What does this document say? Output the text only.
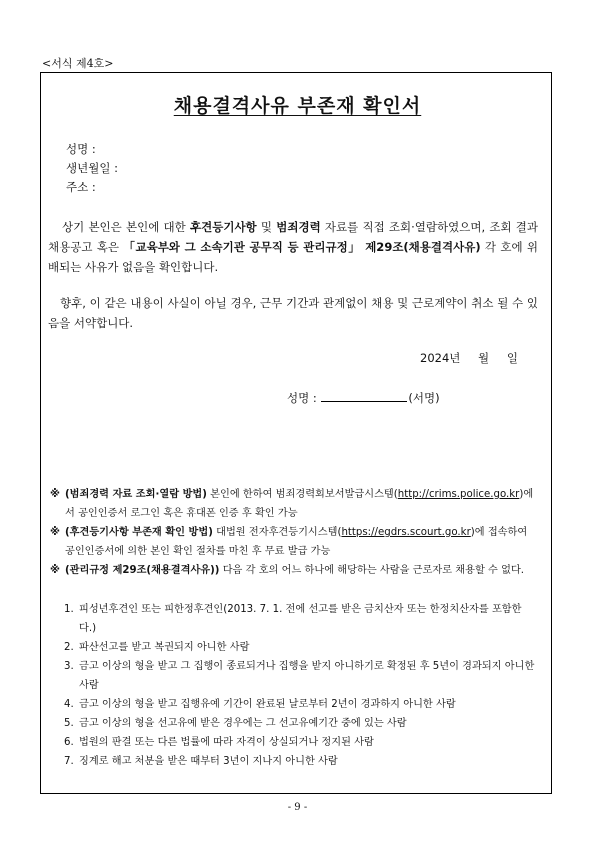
<서식 제4호>
채용결격사유 부존재 확인서
성명 :
생년월일 :
주소 :

상기 본인은 본인에 대한 후견등기사항 및 범죄경력 자료를 직접 조회·열람하였으며, 조회 결과 채용공고 혹은 「교육부와 그 소속기관 공무직 등 관리규정」 제29조(채용결격사유) 각 호에 위배되는 사유가 없음을 확인합니다.

향후, 이 같은 내용이 사실이 아닐 경우, 근무 기간과 관계없이 채용 및 근로계약이 취소 될 수 있음을 서약합니다.

2024년 월 일
성명 :	(서명)
※ (범죄경력 자료 조회·열람 방법) 본인에 한하여 범죄경력회보서발급시스템(http://crims.police.go.kr)에서 공인인증서 로그인 혹은 휴대폰 인증 후 확인 가능
※ (후견등기사항 부존재 확인 방법) 대법원 전자후견등기시스템(https://egdrs.scourt.go.kr)에 접속하여 공인인증서에 의한 본인 확인 절차를 마친 후 무료 발급 가능
※ (관리규정 제29조(채용결격사유)) 다음 각 호의 어느 하나에 해당하는 사람을 근로자로 채용할 수 없다.
1. 피성년후견인 또는 피한정후견인(2013. 7. 1. 전에 선고를 받은 금치산자 또는 한정치산자를 포함한다.)
2. 파산선고를 받고 복권되지 아니한 사람
3. 금고 이상의 형을 받고 그 집행이 종료되거나 집행을 받지 아니하기로 확정된 후 5년이 경과되지 아니한 사람
4. 금고 이상의 형을 받고 집행유예 기간이 완료된 날로부터 2년이 경과하지 아니한 사람
5. 금고 이상의 형을 선고유예 받은 경우에는 그 선고유예기간 중에 있는 사람
6. 법원의 판결 또는 다른 법률에 따라 자격이 상실되거나 정지된 사람
7. 징계로 해고 처분을 받은 때부터 3년이 지나지 아니한 사람
- 9 -
